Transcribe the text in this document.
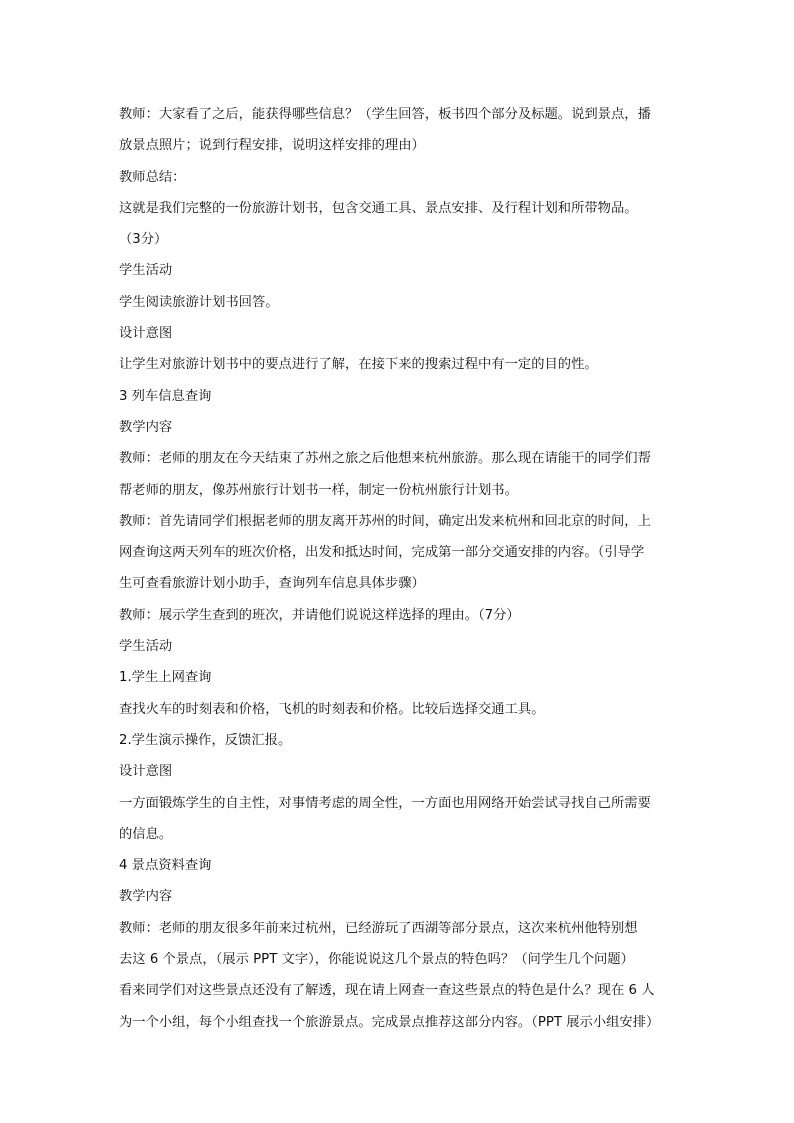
教师：大家看了之后，能获得哪些信息？（学生回答，板书四个部分及标题。说到景点，播
放景点照片；说到行程安排，说明这样安排的理由）
教师总结：
这就是我们完整的一份旅游计划书，包含交通工具、景点安排、及行程计划和所带物品。
（3分）
学生活动
学生阅读旅游计划书回答。
设计意图
让学生对旅游计划书中的要点进行了解，在接下来的搜索过程中有一定的目的性。
3 列车信息查询
教学内容
教师：老师的朋友在今天结束了苏州之旅之后他想来杭州旅游。那么现在请能干的同学们帮
帮老师的朋友，像苏州旅行计划书一样，制定一份杭州旅行计划书。
教师：首先请同学们根据老师的朋友离开苏州的时间，确定出发来杭州和回北京的时间，上
网查询这两天列车的班次价格，出发和抵达时间，完成第一部分交通安排的内容。（引导学
生可查看旅游计划小助手，查询列车信息具体步骤）
教师：展示学生查到的班次，并请他们说说这样选择的理由。（7分）
学生活动
1.学生上网查询
查找火车的时刻表和价格，飞机的时刻表和价格。比较后选择交通工具。
2.学生演示操作，反馈汇报。
设计意图
一方面锻炼学生的自主性，对事情考虑的周全性，一方面也用网络开始尝试寻找自己所需要
的信息。
4 景点资料查询
教学内容
教师：老师的朋友很多年前来过杭州，已经游玩了西湖等部分景点，这次来杭州他特别想
去这 6 个景点，（展示 PPT 文字），你能说说这几个景点的特色吗？（问学生几个问题）
看来同学们对这些景点还没有了解透，现在请上网查一查这些景点的特色是什么？现在 6 人
为一个小组，每个小组查找一个旅游景点。完成景点推荐这部分内容。（PPT 展示小组安排）
